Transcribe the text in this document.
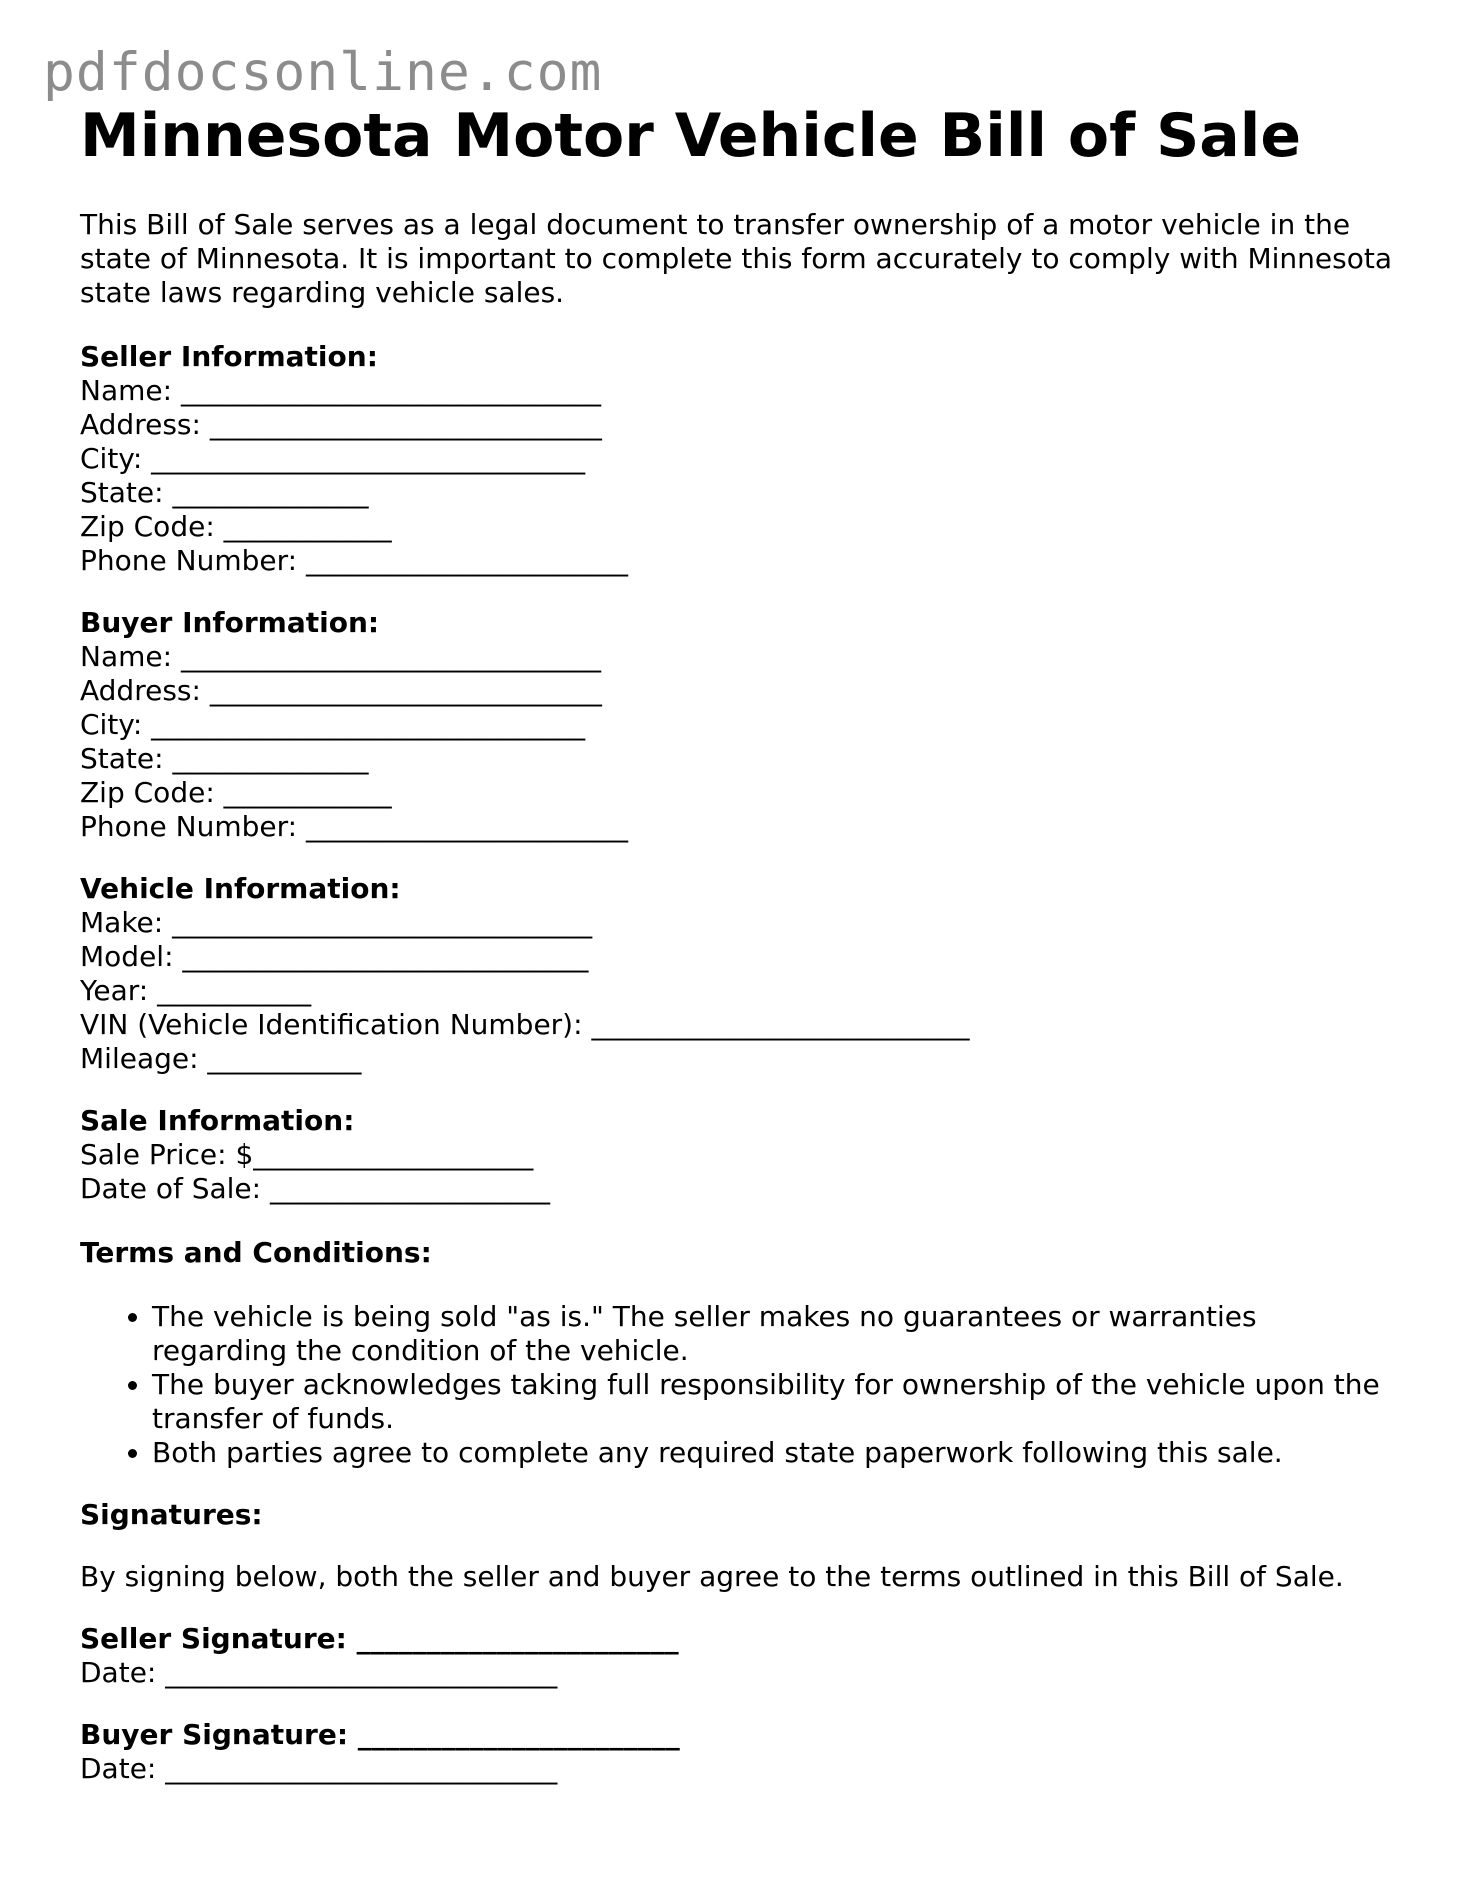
pdfdocsonline.com
Minnesota Motor Vehicle Bill of Sale

This Bill of Sale serves as a legal document to transfer ownership of a motor vehicle in the state of Minnesota. It is important to complete this form accurately to comply with Minnesota state laws regarding vehicle sales.

Seller Information:
Name: ______________________________
Address: ____________________________
City: _______________________________
State: ______________
Zip Code: ____________
Phone Number: _______________________
Buyer Information:
Name: ______________________________
Address: ____________________________
City: _______________________________
State: ______________
Zip Code: ____________
Phone Number: _______________________
Vehicle Information:
Make: ______________________________
Model: _____________________________
Year: ___________
VIN (Vehicle Identification Number): ___________________________
Mileage: ___________
Sale Information:
Sale Price: $____________________
Date of Sale: ____________________
Terms and Conditions:
• The vehicle is being sold "as is." The seller makes no guarantees or warranties regarding the condition of the vehicle.
• The buyer acknowledges taking full responsibility for ownership of the vehicle upon the transfer of funds.
• Both parties agree to complete any required state paperwork following this sale.
Signatures:

By signing below, both the seller and buyer agree to the terms outlined in this Bill of Sale.

Seller Signature: _______________________
Date: ____________________________
Buyer Signature: _______________________
Date: ____________________________
